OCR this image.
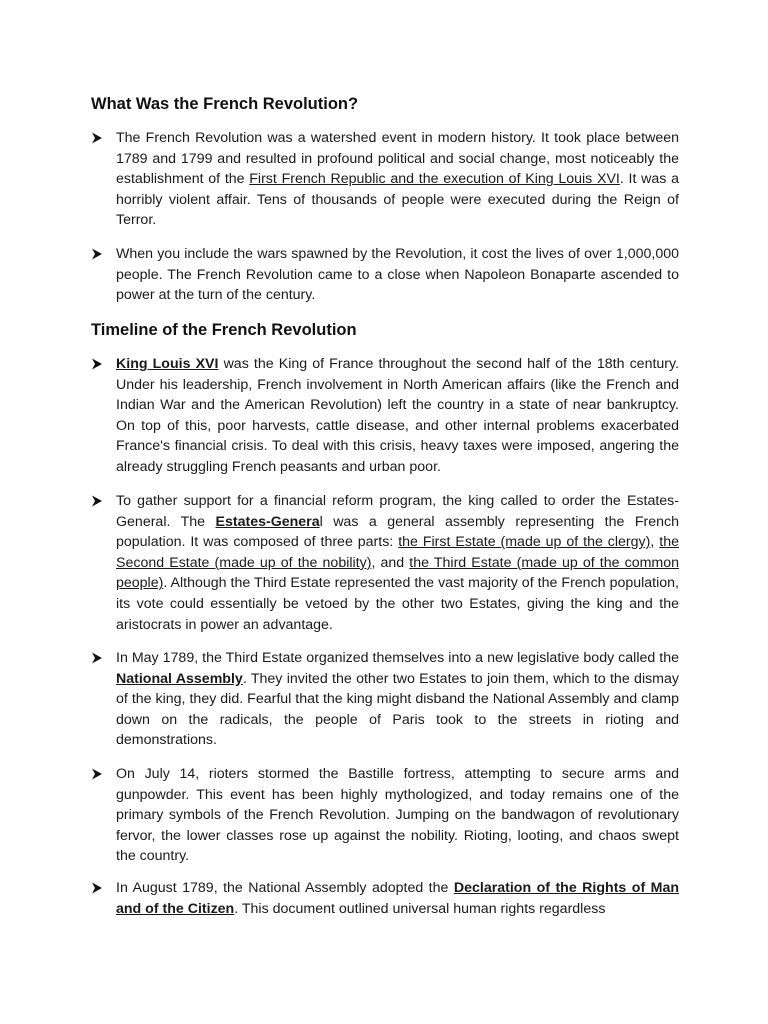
What Was the French Revolution?

The French Revolution was a watershed event in modern history. It took place between 1789 and 1799 and resulted in profound political and social change, most noticeably the establishment of the First French Republic and the execution of King Louis XVI. It was a horribly violent affair. Tens of thousands of people were executed during the Reign of Terror.

When you include the wars spawned by the Revolution, it cost the lives of over 1,000,000 people. The French Revolution came to a close when Napoleon Bonaparte ascended to power at the turn of the century.

Timeline of the French Revolution

King Louis XVI was the King of France throughout the second half of the 18th century. Under his leadership, French involvement in North American affairs (like the French and Indian War and the American Revolution) left the country in a state of near bankruptcy. On top of this, poor harvests, cattle disease, and other internal problems exacerbated France's financial crisis. To deal with this crisis, heavy taxes were imposed, angering the already struggling French peasants and urban poor.

To gather support for a financial reform program, the king called to order the Estates-General. The Estates-General was a general assembly representing the French population. It was composed of three parts: the First Estate (made up of the clergy), the Second Estate (made up of the nobility), and the Third Estate (made up of the common people). Although the Third Estate represented the vast majority of the French population, its vote could essentially be vetoed by the other two Estates, giving the king and the aristocrats in power an advantage.

In May 1789, the Third Estate organized themselves into a new legislative body called the National Assembly. They invited the other two Estates to join them, which to the dismay of the king, they did. Fearful that the king might disband the National Assembly and clamp down on the radicals, the people of Paris took to the streets in rioting and demonstrations.

On July 14, rioters stormed the Bastille fortress, attempting to secure arms and gunpowder. This event has been highly mythologized, and today remains one of the primary symbols of the French Revolution. Jumping on the bandwagon of revolutionary fervor, the lower classes rose up against the nobility. Rioting, looting, and chaos swept the country.

In August 1789, the National Assembly adopted the Declaration of the Rights of Man and of the Citizen. This document outlined universal human rights regardless
